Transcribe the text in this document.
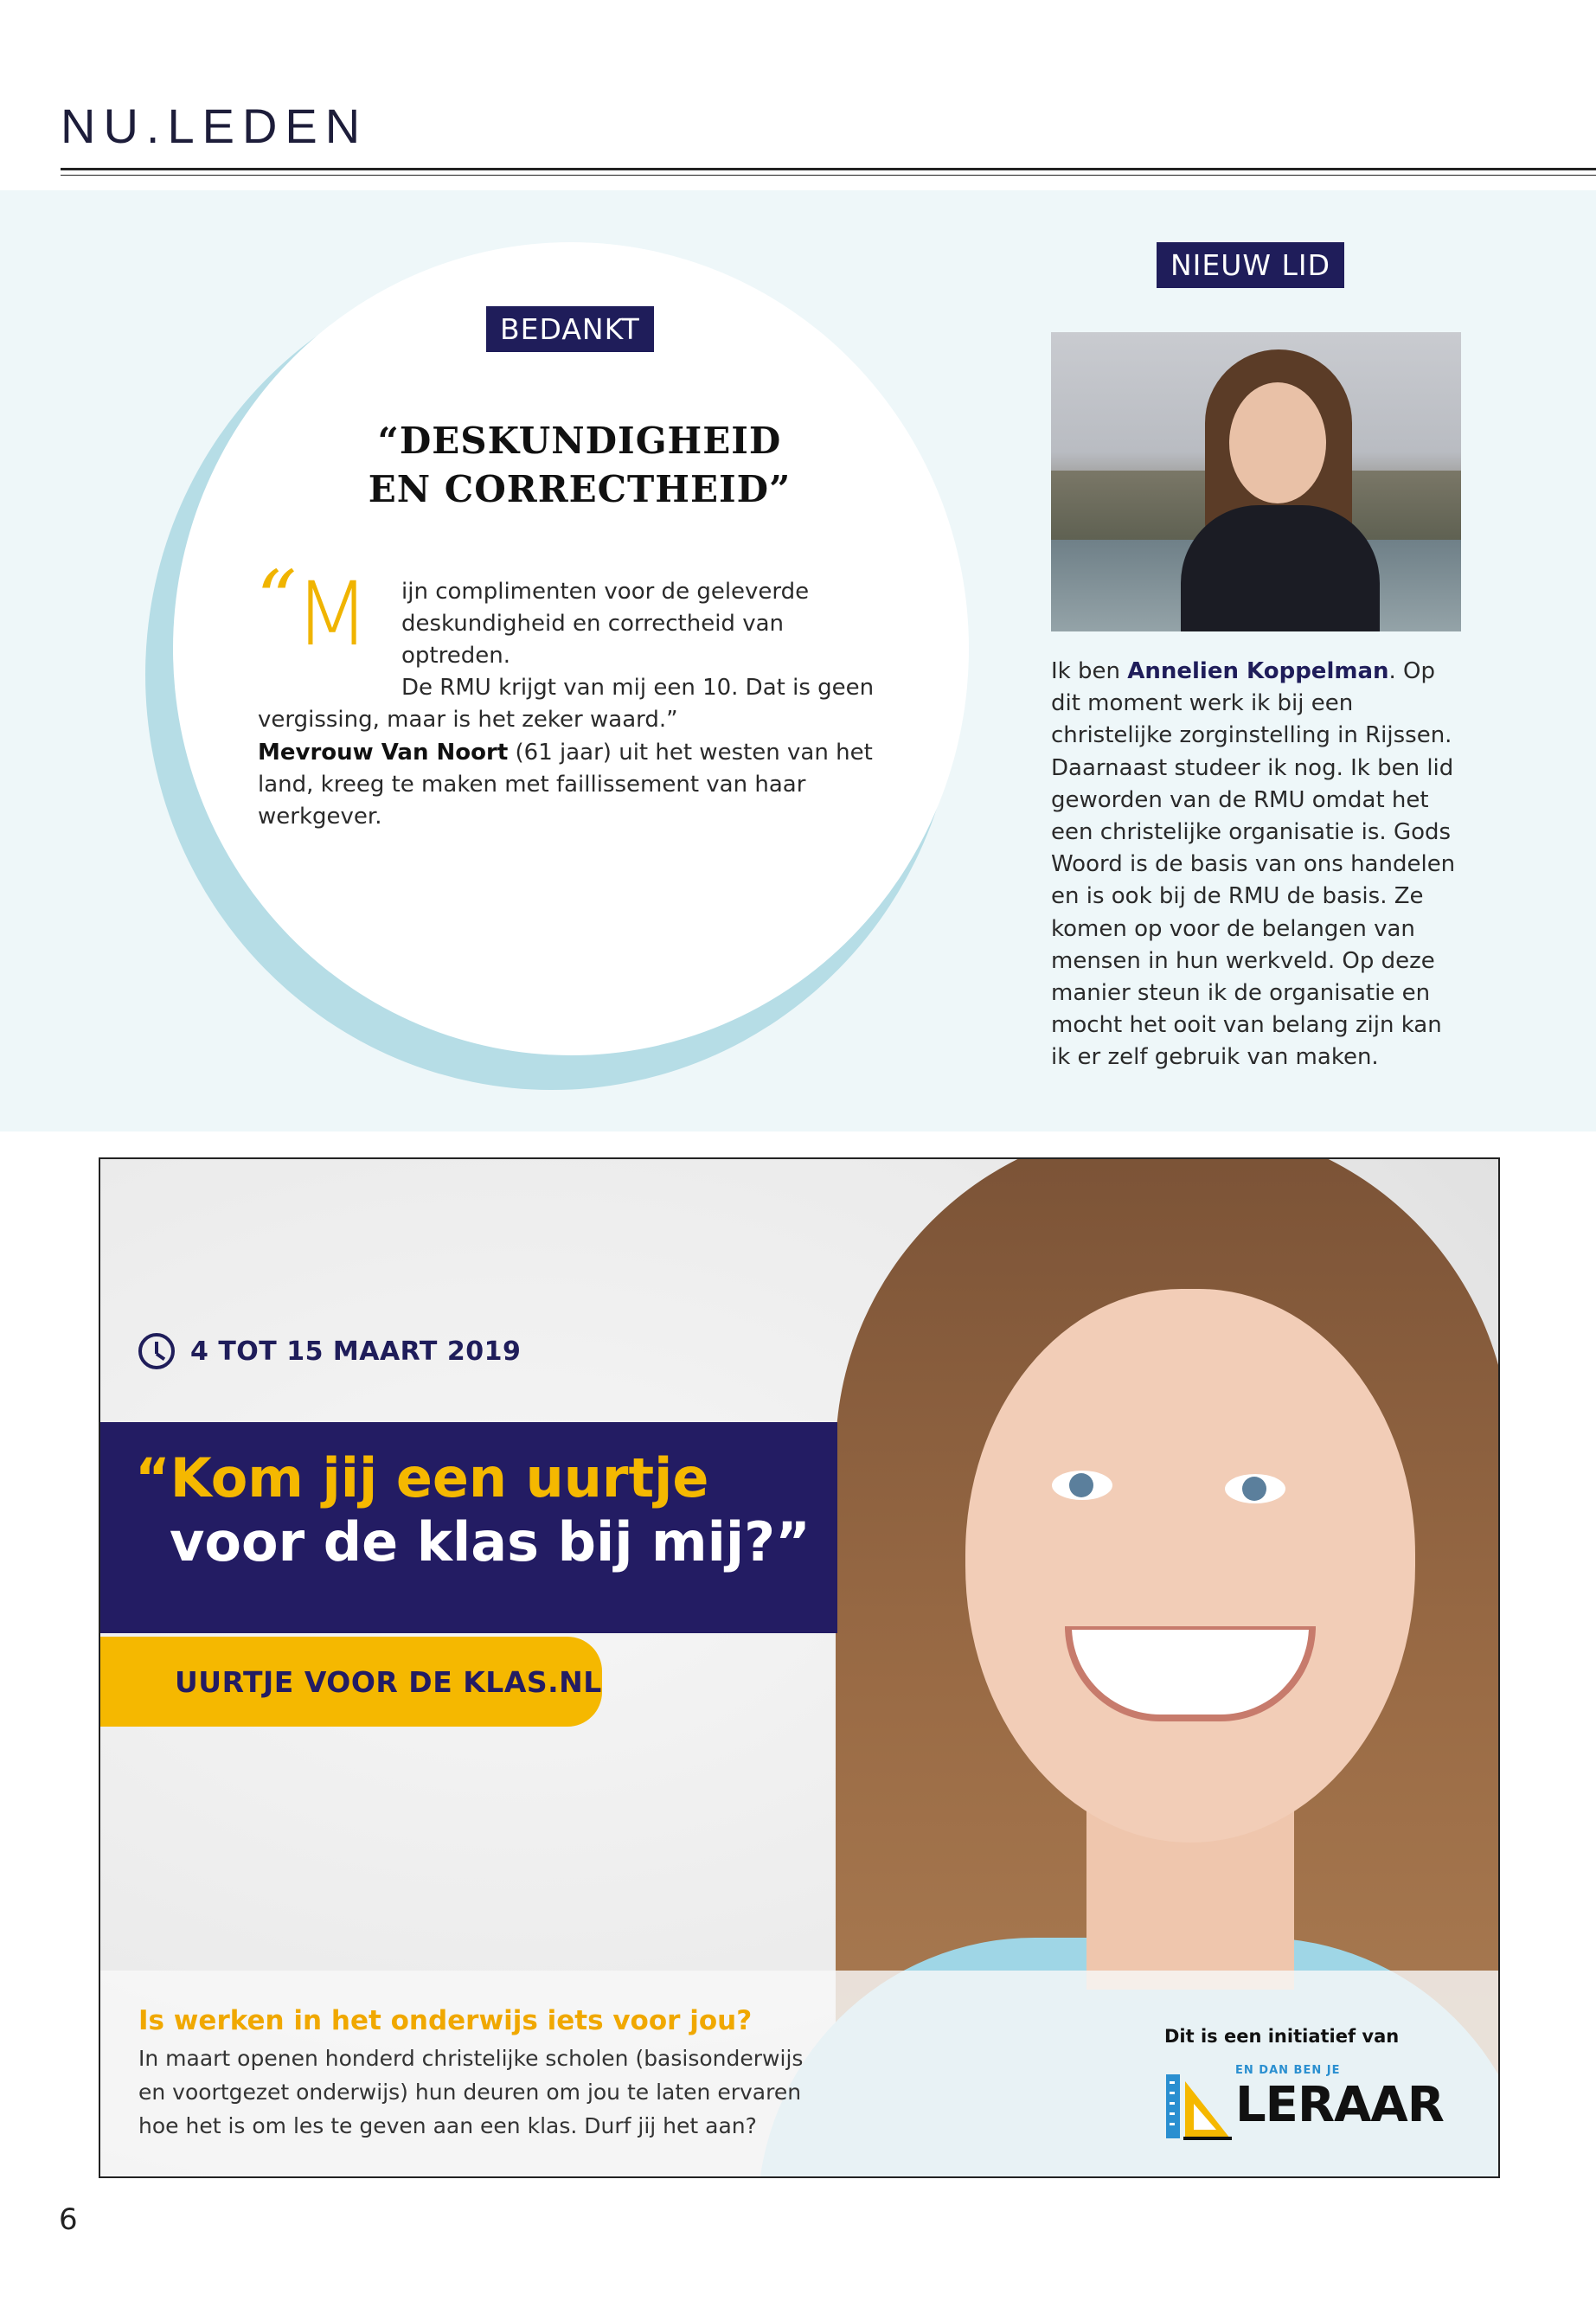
NU.LEDEN
BEDANKT
“DESKUNDIGHEID
EN CORRECTHEID”
“
M	ijn complimenten voor de geleverde
deskundigheid en correctheid van optreden.
De RMU krijgt van mij een 10. Dat is geen
vergissing, maar is het zeker waard.”
Mevrouw Van Noort (61 jaar) uit het westen van het land, kreeg te maken met faillissement van haar werkgever.
NIEUW LID
Ik ben Annelien Koppelman. Op dit moment werk ik bij een christelijke zorginstelling in Rijssen. Daarnaast studeer ik nog. Ik ben lid geworden van de RMU omdat het een christelijke organisatie is. Gods Woord is de basis van ons handelen en is ook bij de RMU de basis. Ze komen op voor de belangen van mensen in hun werkveld. Op deze manier steun ik de organisatie en mocht het ooit van belang zijn kan ik er zelf gebruik van maken.
4 TOT 15 MAART 2019
“Kom jij een uurtje
voor de klas bij mij?”
UURTJE VOOR DE KLAS.NL
Is werken in het onderwijs iets voor jou?
In maart openen honderd christelijke scholen (basisonderwijs en voortgezet onderwijs) hun deuren om jou te laten ervaren hoe het is om les te geven aan een klas. Durf jij het aan?
Dit is een initiatief van
EN DAN BEN JE
LERAAR
6
